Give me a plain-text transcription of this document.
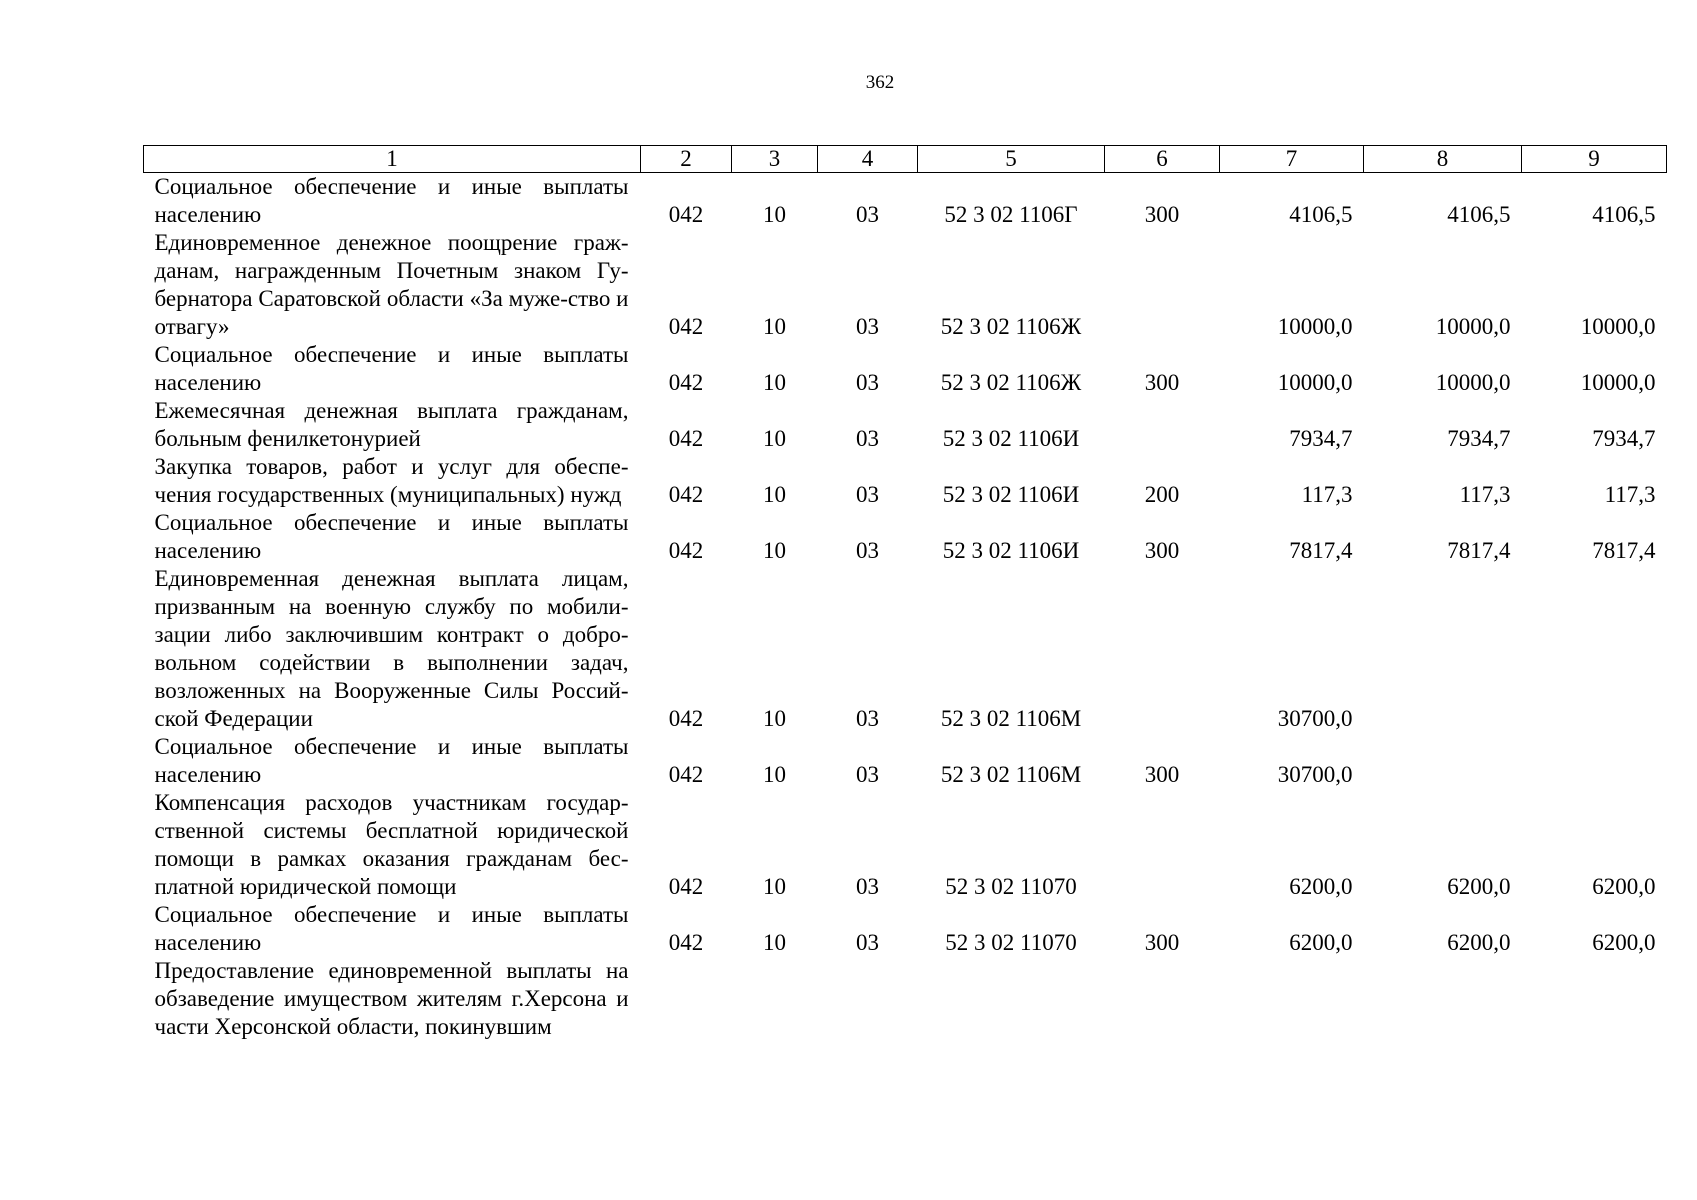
362
1	2	3	4	5	6	7	8	9
Социальное обеспечение и иные выплаты населению	042	10	03	52 3 02 1106Г	300	4106,5	4106,5	4106,5
Единовременное денежное поощрение граж-данам, награжденным Почетным знаком Гу-бернатора Саратовской области «За муже-ство и отвагу»	042	10	03	52 3 02 1106Ж		10000,0	10000,0	10000,0
Социальное обеспечение и иные выплаты населению	042	10	03	52 3 02 1106Ж	300	10000,0	10000,0	10000,0
Ежемесячная денежная выплата гражданам, больным фенилкетонурией	042	10	03	52 3 02 1106И		7934,7	7934,7	7934,7
Закупка товаров, работ и услуг для обеспе-чения государственных (муниципальных) нужд	042	10	03	52 3 02 1106И	200	117,3	117,3	117,3
Социальное обеспечение и иные выплаты населению	042	10	03	52 3 02 1106И	300	7817,4	7817,4	7817,4
Единовременная денежная выплата лицам, призванным на военную службу по мобили-зации либо заключившим контракт о добро-вольном содействии в выполнении задач, возложенных на Вооруженные Силы Россий-ской Федерации	042	10	03	52 3 02 1106М		30700,0		
Социальное обеспечение и иные выплаты населению	042	10	03	52 3 02 1106М	300	30700,0		
Компенсация расходов участникам государ-ственной системы бесплатной юридической помощи в рамках оказания гражданам бес-платной юридической помощи	042	10	03	52 3 02 11070		6200,0	6200,0	6200,0
Социальное обеспечение и иные выплаты населению	042	10	03	52 3 02 11070	300	6200,0	6200,0	6200,0
Предоставление единовременной выплаты на обзаведение имуществом жителям г.Херсона и части Херсонской области, покинувшим								
